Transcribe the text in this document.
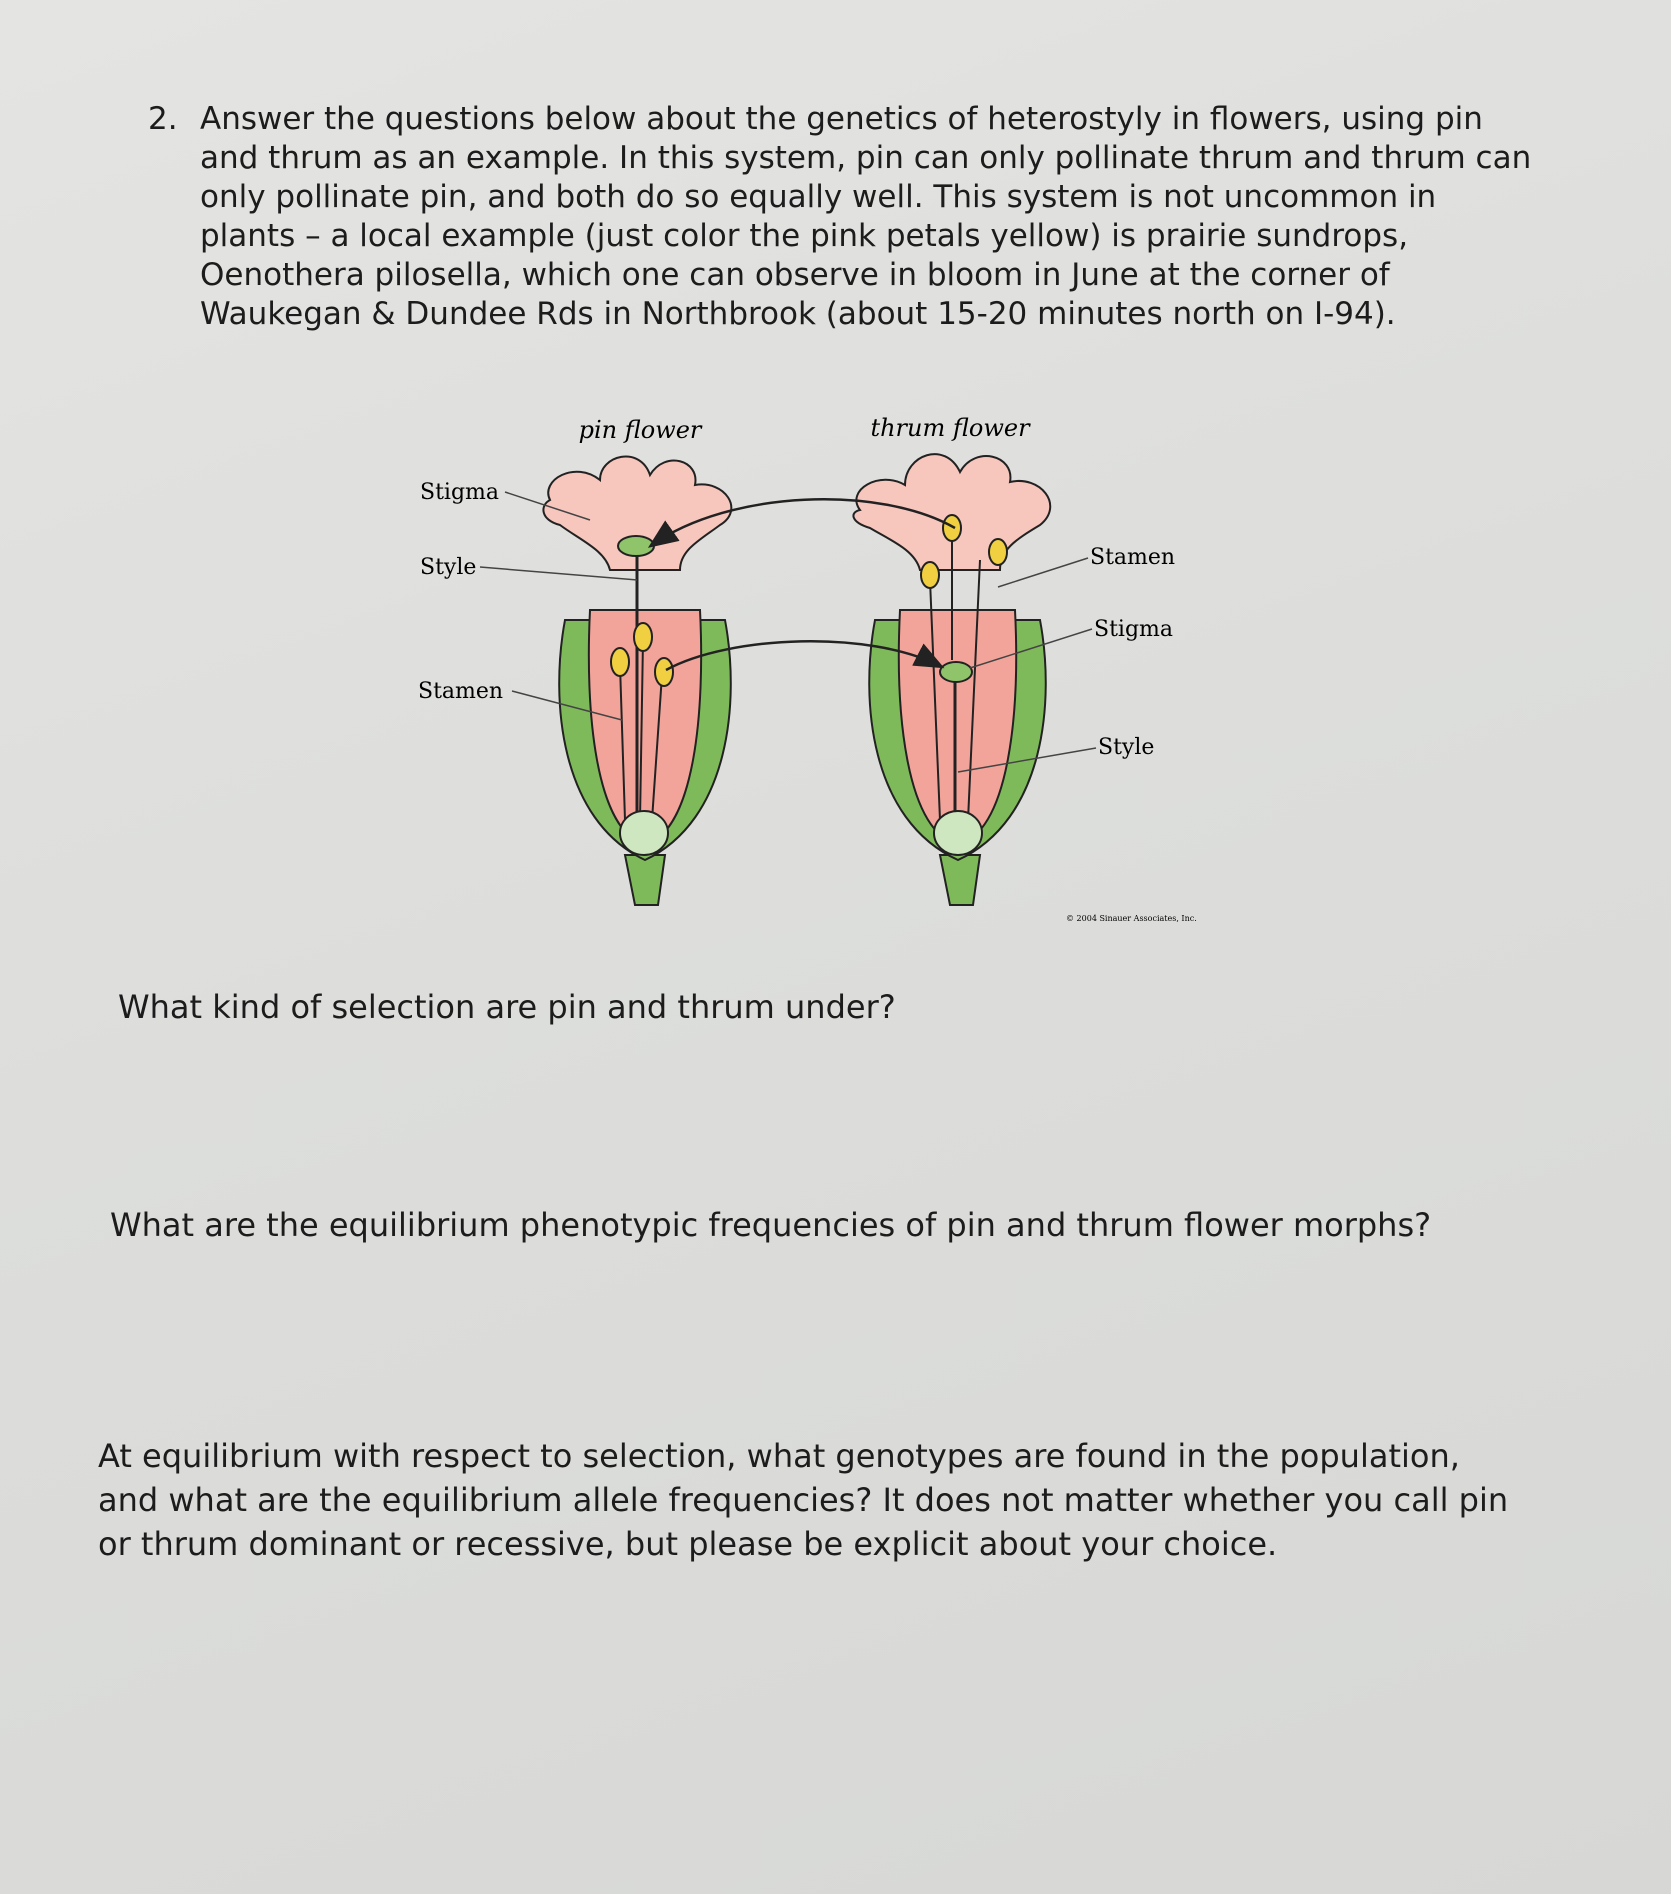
2. Answer the questions below about the genetics of heterostyly in flowers, using pin

and thrum as an example. In this system, pin can only pollinate thrum and thrum can

only pollinate pin, and both do so equally well. This system is not uncommon in

plants – a local example (just color the pink petals yellow) is prairie sundrops,

Oenothera pilosella, which one can observe in bloom in June at the corner of

Waukegan & Dundee Rds in Northbrook (about 15-20 minutes north on I-94).

pin flower	thrum flower
Stigma
Style
Stamen
Stamen
Stigma
Style
© 2004 Sinauer Associates, Inc.

What kind of selection are pin and thrum under?

What are the equilibrium phenotypic frequencies of pin and thrum flower morphs?

At equilibrium with respect to selection, what genotypes are found in the population,

and what are the equilibrium allele frequencies? It does not matter whether you call pin

or thrum dominant or recessive, but please be explicit about your choice.
